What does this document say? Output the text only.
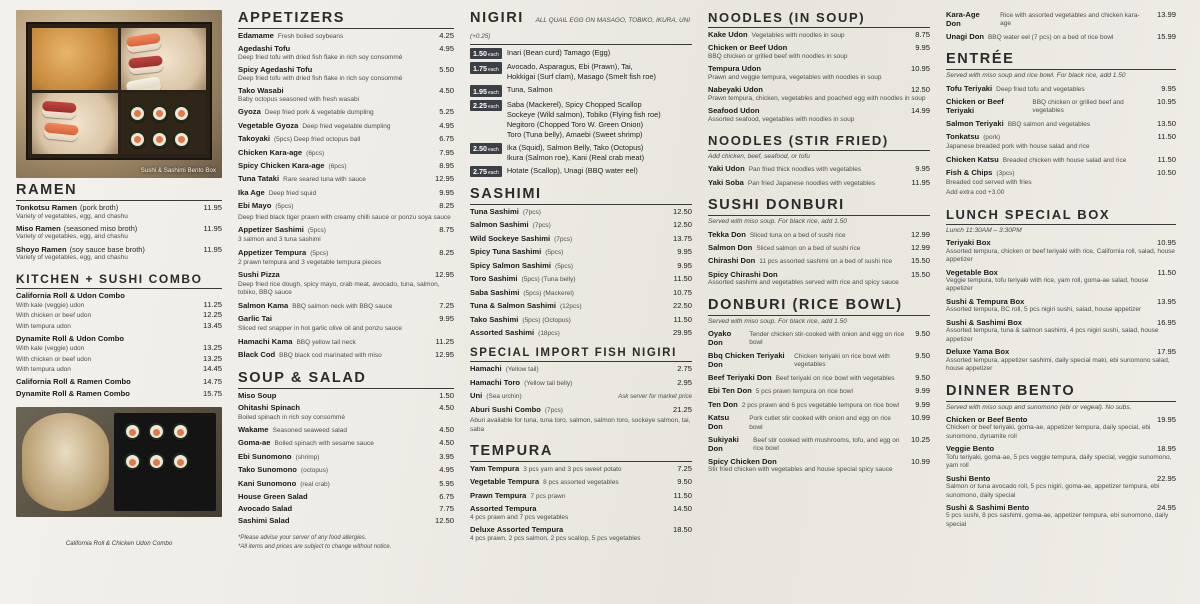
Sushi & Sashimi Bento Box
RAMEN
Tonkotsu Ramen (pork broth)	11.95
Variety of vegetables, egg, and chashu
Miso Ramen (seasoned miso broth)	11.95
Variety of vegetables, egg, and chashu
Shoyo Ramen (soy sauce base broth)	11.95
Variety of vegetables, egg, and chashu
KITCHEN + SUSHI COMBO
California Roll & Udon Combo
With kale (veggie) udon	11.25
With chicken or beef udon	12.25
With tempura udon	13.45
Dynamite Roll & Udon Combo
With kale (veggie) udon	13.25
With chicken or beef udon	13.25
With tempura udon	14.45
California Roll & Ramen Combo	14.75
Dynamite Roll & Ramen Combo	15.75
California Roll & Chicken Udon Combo
APPETIZERS
Edamame Fresh boiled soybeans	4.25
Agedashi Tofu	4.95
Deep fried tofu with dried fish flake in rich soy consommé
Spicy Agedashi Tofu	5.50
Deep fried tofu with dried fish flake in rich soy consommé
Tako Wasabi	4.50
Baby octopus seasoned with fresh wasabi
Gyoza Deep fried pork & vegetable dumpling	5.25
Vegetable Gyoza Deep fried vegetable dumpling	4.95
Takoyaki (5pcs) Deep fried octopus ball	6.75
Chicken Kara-age (6pcs)	7.95
Spicy Chicken Kara-age (6pcs)	8.95
Tuna Tataki Rare seared tuna with sauce	12.95
Ika Age Deep fried squid	9.95
Ebi Mayo (5pcs)	8.25
Deep fried black tiger prawn with creamy chilli sauce or ponzu soya sauce
Appetizer Sashimi (5pcs)	8.75
3 salmon and 3 tuna sashimi
Appetizer Tempura (5pcs)	8.25
2 prawn tempura and 3 vegetable tempura pieces
Sushi Pizza	12.95
Deep fried rice dough, spicy mayo, crab meat, avocado, tuna, salmon, tobiko, BBQ sauce
Salmon Kama BBQ salmon neck with BBQ sauce	7.25
Garlic Tai	9.95
Sliced red snapper in hot garlic olive oil and ponzu sauce
Hamachi Kama BBQ yellow tail neck	11.25
Black Cod BBQ black cod marinated with miso	12.95
SOUP & SALAD
Miso Soup	1.50
Ohitashi Spinach	4.50
Boiled spinach in rich soy consommé
Wakame Seasoned seaweed salad	4.50
Goma-ae Boiled spinach with sesame sauce	4.50
Ebi Sunomono (shrimp)	3.95
Tako Sunomono (octopus)	4.95
Kani Sunomono (real crab)	5.95
House Green Salad	6.75
Avocado Salad	7.75
Sashimi Salad	12.50
*Please advise your server of any food allergies.
*All items and prices are subject to change without notice.
NIGIRI ALL QUAIL EGG ON MASAGO, TOBIKO, IKURA, UNI (+0.25)
1.50each	Inari (Bean curd) Tamago (Egg)
1.75each	Avocado, Asparagus, Ebi (Prawn), Tai,
Hokkigai (Surf clam), Masago (Smelt fish roe)
1.95each	Tuna, Salmon
2.25each	Saba (Mackerel), Spicy Chopped Scallop
Sockeye (Wild salmon), Tobiko (Flying fish roe)
Negitoro (Chopped Toro W. Green Onion)
Toro (Tuna belly), Amaebi (Sweet shrimp)
2.50each	Ika (Squid), Salmon Belly, Tako (Octopus)
Ikura (Salmon roe), Kani (Real crab meat)
2.75each	Hotate (Scallop), Unagi (BBQ water eel)
SASHIMI
Tuna Sashimi (7pcs)	12.50
Salmon Sashimi (7pcs)	12.50
Wild Sockeye Sashimi (7pcs)	13.75
Spicy Tuna Sashimi (5pcs)	9.95
Spicy Salmon Sashimi (5pcs)	9.95
Toro Sashimi (5pcs) (Tuna belly)	11.50
Saba Sashimi (5pcs) (Mackerel)	10.75
Tuna & Salmon Sashimi (12pcs)	22.50
Tako Sashimi (5pcs) (Octopus)	11.50
Assorted Sashimi (18pcs)	29.95
SPECIAL IMPORT FISH NIGIRI
Hamachi (Yellow tail)	2.75
Hamachi Toro (Yellow tail belly)	2.95
Uni (Sea urchin)	Ask server for market price
Aburi Sushi Combo (7pcs)	21.25
Aburi available for tuna, tuna toro, salmon, salmon toro, sockeye salmon, tai, saba
TEMPURA
Yam Tempura 3 pcs yam and 3 pcs sweet potato	7.25
Vegetable Tempura 8 pcs assorted vegetables	9.50
Prawn Tempura 7 pcs prawn	11.50
Assorted Tempura	14.50
4 pcs prawn and 7 pcs vegetables
Deluxe Assorted Tempura	18.50
4 pcs prawn, 2 pcs salmon, 2 pcs scallop, 5 pcs vegetables
NOODLES (IN SOUP)
Kake Udon Vegetables with noodles in soup	8.75
Chicken or Beef Udon	9.95
BBQ chicken or grilled beef with noodles in soup
Tempura Udon	10.95
Prawn and veggie tempura, vegetables with noodles in soup
Nabeyaki Udon	12.50
Prawn tempura, chicken, vegetables and poached egg with noodles in soup
Seafood Udon	14.99
Assorted seafood, vegetables with noodles in soup
NOODLES (STIR FRIED)
Add chicken, beef, seafood, or tofu
Yaki Udon Pan fried thick noodles with vegetables	9.95
Yaki Soba Pan fried Japanese noodles with vegetables	11.95
SUSHI DONBURI
Served with miso soup. For black rice, add 1.50
Tekka Don Sliced tuna on a bed of sushi rice	12.99
Salmon Don Sliced salmon on a bed of sushi rice	12.99
Chirashi Don 11 pcs assorted sashimi on a bed of sushi rice	15.50
Spicy Chirashi Don	15.50
Assorted sashimi and vegetables served with rice and spicy sauce
DONBURI (RICE BOWL)
Served with miso soup. For black rice, add 1.50
Oyako Don
Tender chicken stir-cooked with onion and egg on rice bowl
9.50
Bbq Chicken Teriyaki Don
Chicken teriyaki on rice bowl with vegetables
9.50
Beef Teriyaki Don Beef teriyaki on rice bowl with vegetables	9.50
Ebi Ten Don 5 pcs prawn tempura on rice bowl	9.99
Ten Don 2 pcs prawn and 6 pcs vegetable tempura on rice bowl	9.99
Katsu Don
Pork cutlet stir cooked with onion and egg on rice bowl
10.99
Sukiyaki Don
Beef stir cooked with mushrooms, tofu, and egg on rice bowl
10.25
Spicy Chicken Don	10.99
Stir fried chicken with vegetables and house special spicy sauce
Kara-Age Don
Rice with assorted vegetables and chicken kara-age
13.99
Unagi Don BBQ water eel (7 pcs) on a bed of rice bowl	15.99
ENTRÉE
Served with miso soup and rice bowl. For black rice, add 1.50
Tofu Teriyaki Deep fried tofu and vegetables	9.95
Chicken or Beef Teriyaki
BBQ chicken or grilled beef and vegetables
10.95
Salmon Teriyaki BBQ salmon and vegetables	13.50
Tonkatsu (pork)	11.50
Japanese breaded pork with house salad and rice
Chicken Katsu Breaded chicken with house salad and rice	11.50
Fish & Chips (3pcs)	10.50
Breaded cod served with fries
Add extra cod +3.00
LUNCH SPECIAL BOX
Lunch 11:30AM – 3:30PM
Teriyaki Box	10.95
Assorted tempura, chicken or beef teriyaki with rice, California roll, salad, house appetizer
Vegetable Box	11.50
Veggie tempura, tofu teriyaki with rice, yam roll, goma-ae salad, house appetizer
Sushi & Tempura Box	13.95
Assorted tempura, BC roll, 5 pcs nigiri sushi, salad, house appetizer
Sushi & Sashimi Box	16.95
Assorted tempura, tuna & salmon sashimi, 4 pcs nigiri sushi, salad, house appetizer
Deluxe Yama Box	17.95
Assorted tempura, appetizer sashimi, daily special maki, ebi sunomono salad, house appetizer
DINNER BENTO
Served with miso soup and sunomono (ebi or vegeal). No subs.
Chicken or Beef Bento	19.95
Chicken or beef teriyaki, goma-ae, appetizer tempura, daily special, ebi sunomono, dynamite roll
Veggie Bento	18.95
Tofu teriyaki, goma-ae, 5 pcs veggie tempura, daily special, veggie sunomono, yam roll
Sushi Bento	22.95
Salmon or tuna avocado roll, 5 pcs nigiri, goma-ae, appetizer tempura, ebi sunomono, daily special
Sushi & Sashimi Bento	24.95
5 pcs sushi, 8 pcs sashimi, goma-ae, appetizer tempura, ebi sunomono, daily special
